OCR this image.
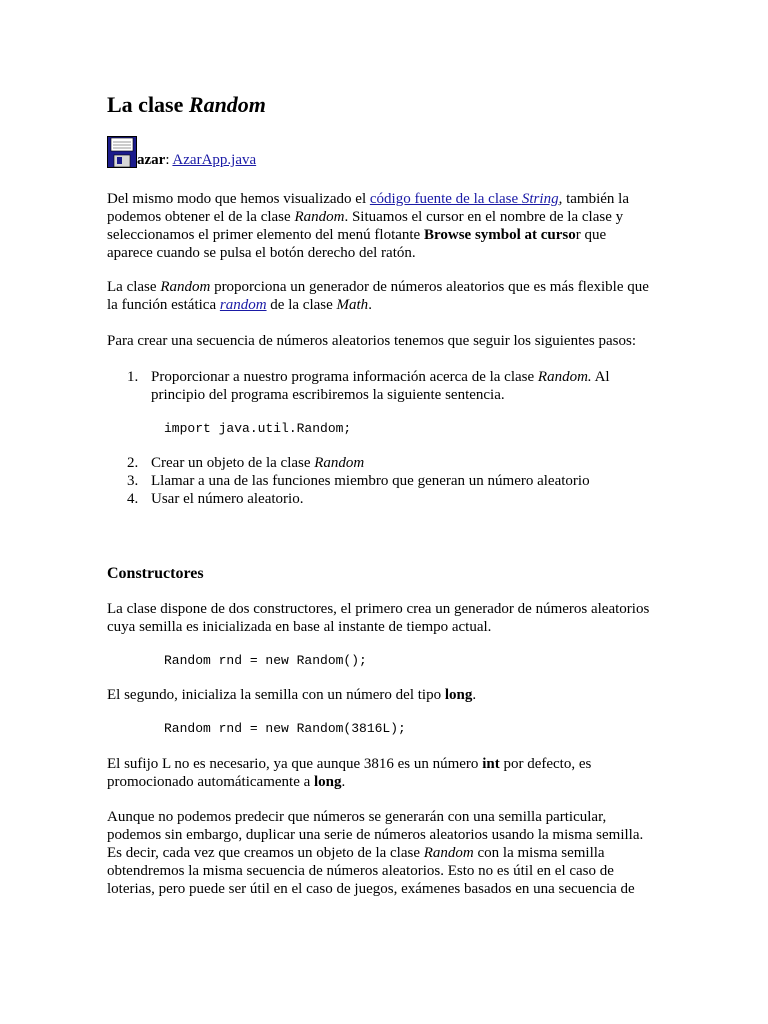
La clase Random
azar: AzarApp.java

Del mismo modo que hemos visualizado el código fuente de la clase String, también la podemos obtener el de la clase Random. Situamos el cursor en el nombre de la clase y seleccionamos el primer elemento del menú flotante Browse symbol at cursor que aparece cuando se pulsa el botón derecho del ratón.

La clase Random proporciona un generador de números aleatorios que es más flexible que la función estática random de la clase Math.

Para crear una secuencia de números aleatorios tenemos que seguir los siguientes pasos:

1. Proporcionar a nuestro programa información acerca de la clase Random. Al principio del programa escribiremos la siguiente sentencia.
import java.util.Random;
2. Crear un objeto de la clase Random
3. Llamar a una de las funciones miembro que generan un número aleatorio
4. Usar el número aleatorio.
Constructores

La clase dispone de dos constructores, el primero crea un generador de números aleatorios cuya semilla es inicializada en base al instante de tiempo actual.

Random rnd = new Random();

El segundo, inicializa la semilla con un número del tipo long.

Random rnd = new Random(3816L);

El sufijo L no es necesario, ya que aunque 3816 es un número int por defecto, es promocionado automáticamente a long.

Aunque no podemos predecir que números se generarán con una semilla particular, podemos sin embargo, duplicar una serie de números aleatorios usando la misma semilla. Es decir, cada vez que creamos un objeto de la clase Random con la misma semilla obtendremos la misma secuencia de números aleatorios. Esto no es útil en el caso de loterias, pero puede ser útil en el caso de juegos, exámenes basados en una secuencia de
